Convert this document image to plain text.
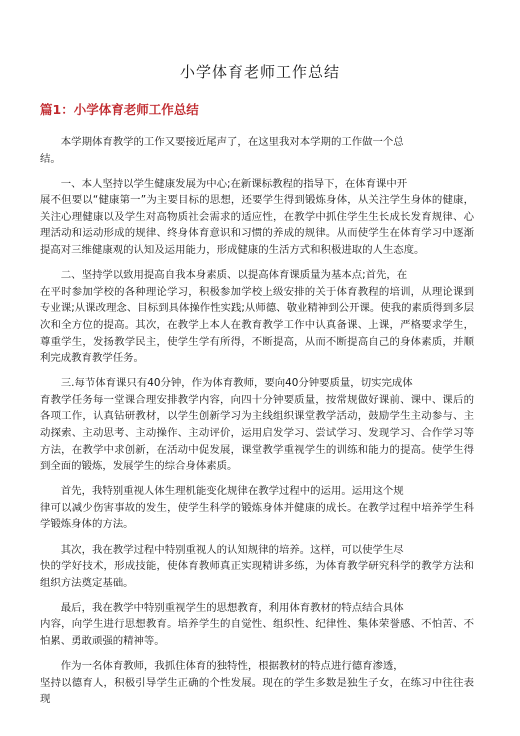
小学体育老师工作总结
篇1：小学体育老师工作总结
本学期体育教学的工作又要接近尾声了，在这里我对本学期的工作做一个总
结。
一、本人坚持以学生健康发展为中心;在新课标教程的指导下，在体育课中开
展不但要以“健康第一”为主要目标的思想，还要学生得到锻炼身体，从关注学生身体的健康，关注心理健康以及学生对高物质社会需求的适应性，在教学中抓住学生生长成长发育规律、心理活动和运动形成的规律、终身体育意识和习惯的养成的规律。从而使学生在体育学习中逐渐提高对三维健康观的认知及运用能力，形成健康的生活方式和积极进取的人生态度。
二、坚持学以致用提高自我本身素质、以提高体育课质量为基本点;首先，在
在平时参加学校的各种理论学习，积极参加学校上级安排的关于体育教程的培训，从理论课到专业课;从课改理念、目标到具体操作性实践;从师德、敬业精神到公开课。使我的素质得到多层次和全方位的提高。其次，在教学上本人在教育教学工作中认真备课、上课，严格要求学生，尊重学生，发扬教学民主，使学生学有所得，不断提高，从而不断提高自己的身体素质，并顺利完成教育教学任务。
三.每节体育课只有40分钟，作为体育教师，要向40分钟要质量，切实完成体
育教学任务每一堂课合理安排教学内容，向四十分钟要质量，按常规做好课前、课中、课后的各项工作，认真钻研教材，以学生创新学习为主线组织课堂教学活动，鼓励学生主动参与、主动探索、主动思考、主动操作、主动评价，运用启发学习、尝试学习、发现学习、合作学习等方法，在教学中求创新，在活动中促发展，课堂教学重视学生的训练和能力的提高。使学生得到全面的锻炼，发展学生的综合身体素质。
首先，我特别重视人体生理机能变化规律在教学过程中的运用。运用这个规
律可以减少伤害事故的发生，使学生科学的锻炼身体并健康的成长。在教学过程中培养学生科学锻炼身体的方法。
其次，我在教学过程中特别重视人的认知规律的培养。这样，可以使学生尽
快的学好技术，形成技能，使体育教师真正实现精讲多练，为体育教学研究科学的教学方法和组织方法奠定基础。
最后，我在教学中特别重视学生的思想教育，利用体育教材的特点结合具体
内容，向学生进行思想教育。培养学生的自觉性、组织性、纪律性、集体荣誉感、不怕苦、不怕累、勇敢顽强的精神等。
作为一名体育教师，我抓住体育的独特性，根据教材的特点进行德育渗透，
坚持以德育人，积极引导学生正确的个性发展。现在的学生多数是独生子女，在练习中往往表现
